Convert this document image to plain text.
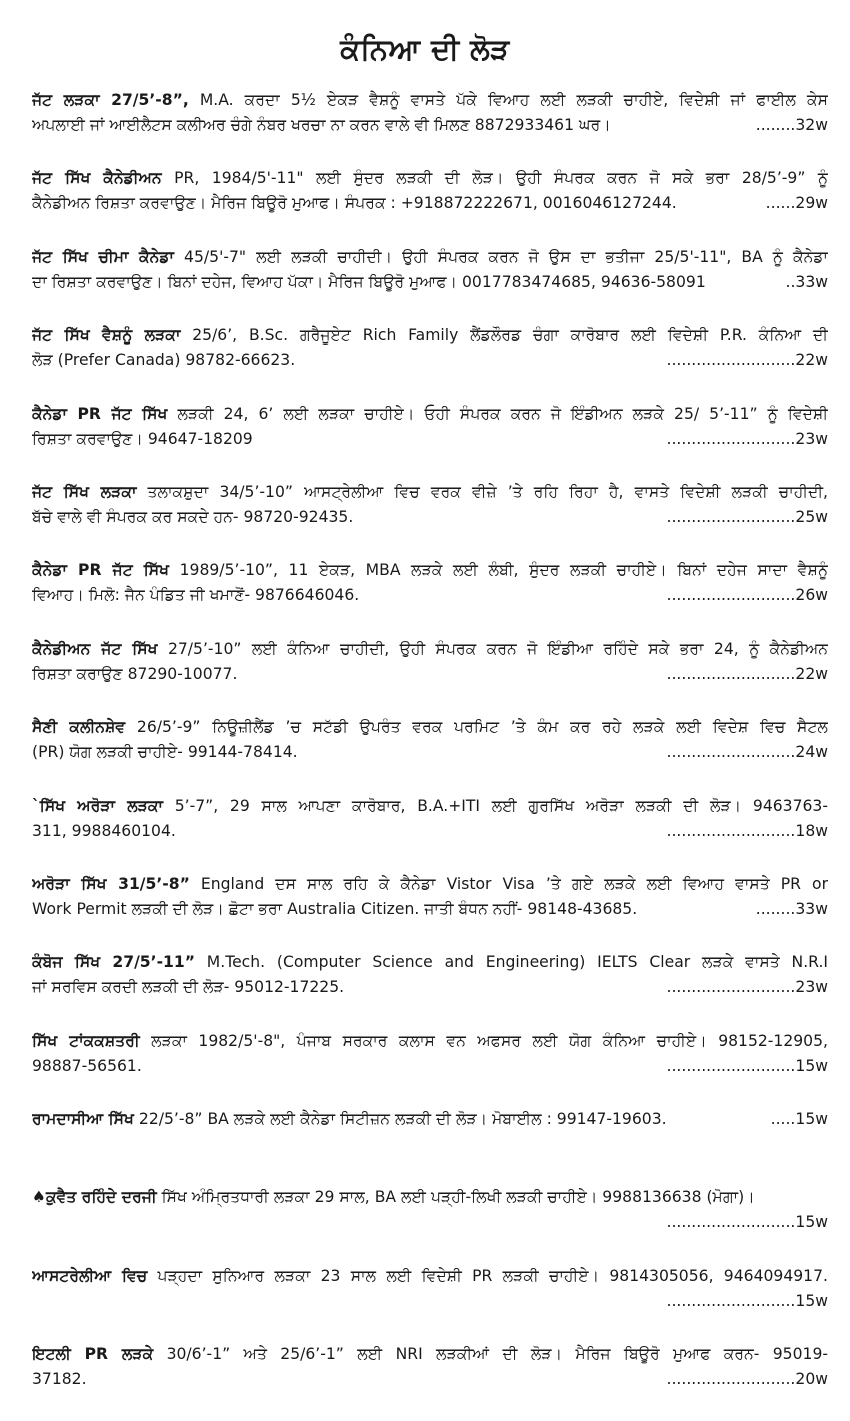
ਕੰਨਿਆ ਦੀ ਲੋੜ
ਜੱਟ ਲੜਕਾ 27/5’-8”, M.A. ਕਰਦਾ 5½ ਏਕੜ ਵੈਸ਼ਨੂੰ ਵਾਸਤੇ ਪੱਕੇ ਵਿਆਹ ਲਈ ਲੜਕੀ ਚਾਹੀਏ, ਵਿਦੇਸ਼ੀ ਜਾਂ ਫਾਈਲ ਕੇਸ
ਅਪਲਾਈ ਜਾਂ ਆਈਲੈਟਸ ਕਲੀਅਰ ਚੰਗੇ ਨੰਬਰ ਖਰਚਾ ਨਾ ਕਰਨ ਵਾਲੇ ਵੀ ਮਿਲਣ 8872933461 ਘਰ।	........32w
ਜੱਟ ਸਿੱਖ ਕੈਨੇਡੀਅਨ PR, 1984/5'-11" ਲਈ ਸੁੰਦਰ ਲੜਕੀ ਦੀ ਲੋੜ। ਉਹੀ ਸੰਪਰਕ ਕਰਨ ਜੋ ਸਕੇ ਭਰਾ 28/5’-9” ਨੂੰ
ਕੈਨੇਡੀਅਨ ਰਿਸ਼ਤਾ ਕਰਵਾਉਣ। ਮੈਰਿਜ ਬਿਊਰੋ ਮੁਆਫ। ਸੰਪਰਕ : +918872222671, 0016046127244.	......29w
ਜੱਟ ਸਿੱਖ ਚੀਮਾ ਕੈਨੇਡਾ 45/5'-7" ਲਈ ਲੜਕੀ ਚਾਹੀਦੀ। ਉਹੀ ਸੰਪਰਕ ਕਰਨ ਜੋ ਉਸ ਦਾ ਭਤੀਜਾ 25/5'-11", BA ਨੂੰ ਕੈਨੇਡਾ
ਦਾ ਰਿਸ਼ਤਾ ਕਰਵਾਉਣ। ਬਿਨਾਂ ਦਹੇਜ, ਵਿਆਹ ਪੱਕਾ। ਮੈਰਿਜ ਬਿਊਰੋ ਮੁਆਫ। 0017783474685, 94636-58091	..33w
ਜੱਟ ਸਿੱਖ ਵੈਸ਼ਨੂੰ ਲੜਕਾ 25/6’, B.Sc. ਗਰੈਜੂਏਟ Rich Family ਲੈਂਡਲੌਰਡ ਚੰਗਾ ਕਾਰੋਬਾਰ ਲਈ ਵਿਦੇਸ਼ੀ P.R. ਕੰਨਿਆ ਦੀ
ਲੋੜ (Prefer Canada) 98782-66623.	..........................22w
ਕੈਨੇਡਾ PR ਜੱਟ ਸਿੱਖ ਲੜਕੀ 24, 6’ ਲਈ ਲੜਕਾ ਚਾਹੀਏ। ਓਹੀ ਸੰਪਰਕ ਕਰਨ ਜੋ ਇੰਡੀਅਨ ਲੜਕੇ 25/ 5’-11” ਨੂੰ ਵਿਦੇਸ਼ੀ
ਰਿਸ਼ਤਾ ਕਰਵਾਉਣ। 94647-18209	..........................23w
ਜੱਟ ਸਿੱਖ ਲੜਕਾ ਤਲਾਕਸ਼ੁਦਾ 34/5’-10” ਆਸਟ੍ਰੇਲੀਆ ਵਿਚ ਵਰਕ ਵੀਜ਼ੇ ’ਤੇ ਰਹਿ ਰਿਹਾ ਹੈ, ਵਾਸਤੇ ਵਿਦੇਸ਼ੀ ਲੜਕੀ ਚਾਹੀਦੀ,
ਬੱਚੇ ਵਾਲੇ ਵੀ ਸੰਪਰਕ ਕਰ ਸਕਦੇ ਹਨ- 98720-92435.	..........................25w
ਕੈਨੇਡਾ PR ਜੱਟ ਸਿੱਖ 1989/5’-10”, 11 ਏਕੜ, MBA ਲੜਕੇ ਲਈ ਲੰਬੀ, ਸੁੰਦਰ ਲੜਕੀ ਚਾਹੀਏ। ਬਿਨਾਂ ਦਹੇਜ ਸਾਦਾ ਵੈਸ਼ਨੂੰ
ਵਿਆਹ। ਮਿਲੋ: ਜੈਨ ਪੰਡਿਤ ਜੀ ਖਮਾਣੋਂ- 9876646046.	..........................26w
ਕੈਨੇਡੀਅਨ ਜੱਟ ਸਿੱਖ 27/5’-10” ਲਈ ਕੰਨਿਆ ਚਾਹੀਦੀ, ਉਹੀ ਸੰਪਰਕ ਕਰਨ ਜੋ ਇੰਡੀਆ ਰਹਿੰਦੇ ਸਕੇ ਭਰਾ 24, ਨੂੰ ਕੈਨੇਡੀਅਨ
ਰਿਸ਼ਤਾ ਕਰਾਉਣ 87290-10077.	..........................22w
ਸੈਣੀ ਕਲੀਨਸ਼ੇਵ 26/5’-9” ਨਿਊਜ਼ੀਲੈਂਡ ’ਚ ਸਟੱਡੀ ਉਪਰੰਤ ਵਰਕ ਪਰਮਿਟ ’ਤੇ ਕੰਮ ਕਰ ਰਹੇ ਲੜਕੇ ਲਈ ਵਿਦੇਸ਼ ਵਿਚ ਸੈਟਲ
(PR) ਯੋਗ ਲੜਕੀ ਚਾਹੀਏ- 99144-78414.	..........................24w
`ਸਿੱਖ ਅਰੋੜਾ ਲੜਕਾ 5’-7”, 29 ਸਾਲ ਆਪਣਾ ਕਾਰੋਬਾਰ, B.A.+ITI ਲਈ ਗੁਰਸਿੱਖ ਅਰੋੜਾ ਲੜਕੀ ਦੀ ਲੋੜ। 9463763-
311, 9988460104.	..........................18w
ਅਰੋੜਾ ਸਿੱਖ 31/5’-8” England ਦਸ ਸਾਲ ਰਹਿ ਕੇ ਕੈਨੇਡਾ Vistor Visa ’ਤੇ ਗਏ ਲੜਕੇ ਲਈ ਵਿਆਹ ਵਾਸਤੇ PR or
Work Permit ਲੜਕੀ ਦੀ ਲੋੜ। ਛੋਟਾ ਭਰਾ Australia Citizen. ਜਾਤੀ ਬੰਧਨ ਨਹੀਂ- 98148-43685.	........33w
ਕੰਬੋਜ ਸਿੱਖ 27/5’-11” M.Tech. (Computer Science and Engineering) IELTS Clear ਲੜਕੇ ਵਾਸਤੇ N.R.I
ਜਾਂ ਸਰਵਿਸ ਕਰਦੀ ਲੜਕੀ ਦੀ ਲੋੜ- 95012-17225.	..........................23w
ਸਿੱਖ ਟਾਂਕਕਸ਼ਤਰੀ ਲੜਕਾ 1982/5'-8", ਪੰਜਾਬ ਸਰਕਾਰ ਕਲਾਸ ਵਨ ਅਫਸਰ ਲਈ ਯੋਗ ਕੰਨਿਆ ਚਾਹੀਏ। 98152-12905,
98887-56561.	..........................15w
ਰਾਮਦਾਸੀਆ ਸਿੱਖ 22/5’-8” BA ਲੜਕੇ ਲਈ ਕੈਨੇਡਾ ਸਿਟੀਜ਼ਨ ਲੜਕੀ ਦੀ ਲੋੜ। ਮੋਬਾਈਲ : 99147-19603.	.....15w
♠ਕੁਵੈਤ ਰਹਿੰਦੇ ਦਰਜੀ ਸਿੱਖ ਅੰਮ੍ਰਿਤਧਾਰੀ ਲੜਕਾ 29 ਸਾਲ, BA ਲਈ ਪੜ੍ਹੀ-ਲਿਖੀ ਲੜਕੀ ਚਾਹੀਏ। 9988136638 (ਮੋਗਾ)।
..........................15w
ਆਸਟਰੇਲੀਆ ਵਿਚ ਪੜ੍ਹਦਾ ਸੁਨਿਆਰ ਲੜਕਾ 23 ਸਾਲ ਲਈ ਵਿਦੇਸ਼ੀ PR ਲੜਕੀ ਚਾਹੀਏ। 9814305056, 9464094917.
..........................15w
ਇਟਲੀ PR ਲੜਕੇ 30/6’-1” ਅਤੇ 25/6’-1” ਲਈ NRI ਲੜਕੀਆਂ ਦੀ ਲੋੜ। ਮੈਰਿਜ ਬਿਊਰੋ ਮੁਆਫ ਕਰਨ- 95019-
37182.	..........................20w
